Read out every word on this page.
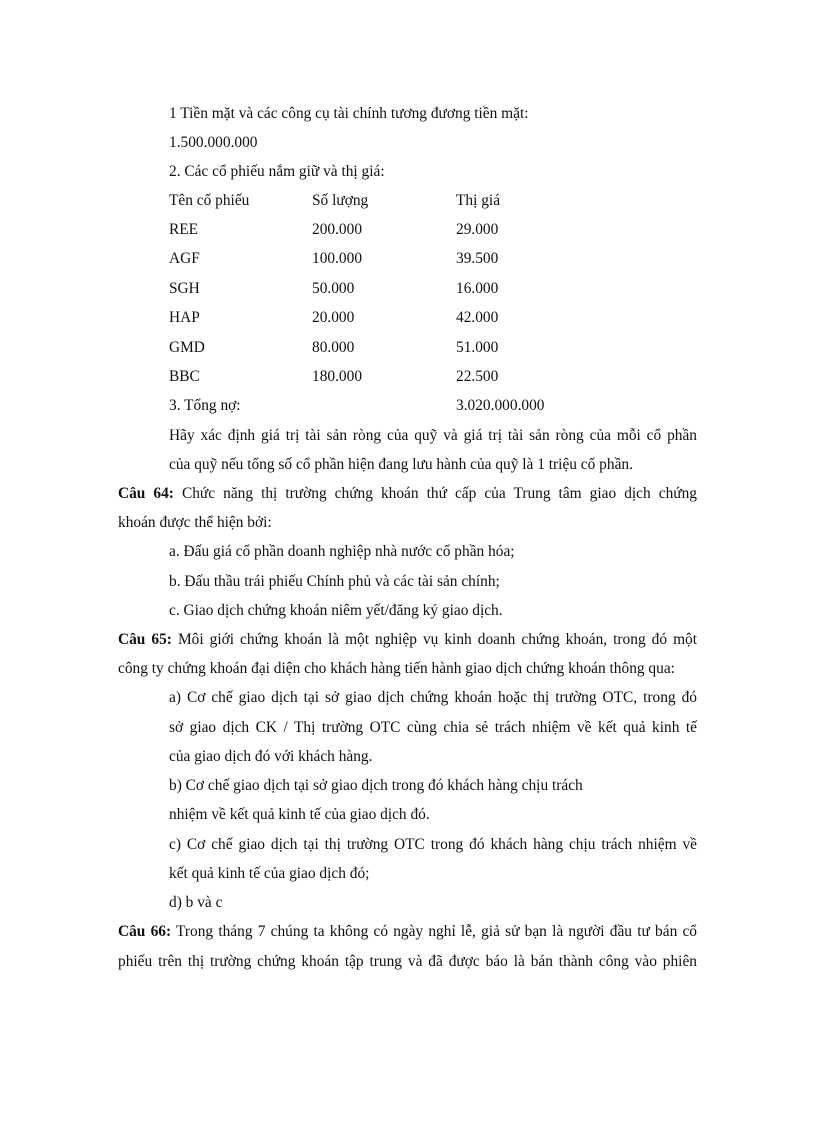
1 Tiền mặt và các công cụ tài chính tương đương tiền mặt:
1.500.000.000
2. Các cổ phiếu nắm giữ và thị giá:
Tên cổ phiếu	Số lượng	Thị giá
REE	200.000	29.000
AGF	100.000	39.500
SGH	50.000	16.000
HAP	20.000	42.000
GMD	80.000	51.000
BBC	180.000	22.500
3. Tổng nợ:	3.020.000.000
Hãy xác định giá trị tài sản ròng của quỹ và giá trị tài sản ròng của mỗi cổ phần
của quỹ nếu tổng số cổ phần hiện đang lưu hành của quỹ là 1 triệu cổ phần.
Câu 64: Chức năng thị trường chứng khoán thứ cấp của Trung tâm giao dịch chứng
khoán được thể hiện bởi:
a. Đấu giá cổ phần doanh nghiệp nhà nước cổ phần hóa;
b. Đấu thầu trái phiếu Chính phủ và các tài sản chính;
c. Giao dịch chứng khoán niêm yết/đăng ký giao dịch.
Câu 65: Môi giới chứng khoán là một nghiệp vụ kinh doanh chứng khoán, trong đó một
công ty chứng khoán đại diện cho khách hàng tiến hành giao dịch chứng khoán thông qua:
a) Cơ chế giao dịch tại sở giao dịch chứng khoán hoặc thị trường OTC, trong đó
sở giao dịch CK / Thị trường OTC cùng chia sẻ trách nhiệm về kết quả kinh tế
của giao dịch đó với khách hàng.
b) Cơ chế giao dịch tại sở giao dịch trong đó khách hàng chịu trách
nhiệm về kết quả kinh tế của giao dịch đó.
c) Cơ chế giao dịch tại thị trường OTC trong đó khách hàng chịu trách nhiệm về
kết quả kinh tế của giao dịch đó;
d) b và c
Câu 66: Trong tháng 7 chúng ta không có ngày nghỉ lễ, giả sử bạn là người đầu tư bán cổ
phiếu trên thị trường chứng khoán tập trung và đã được báo là bán thành công vào phiên
